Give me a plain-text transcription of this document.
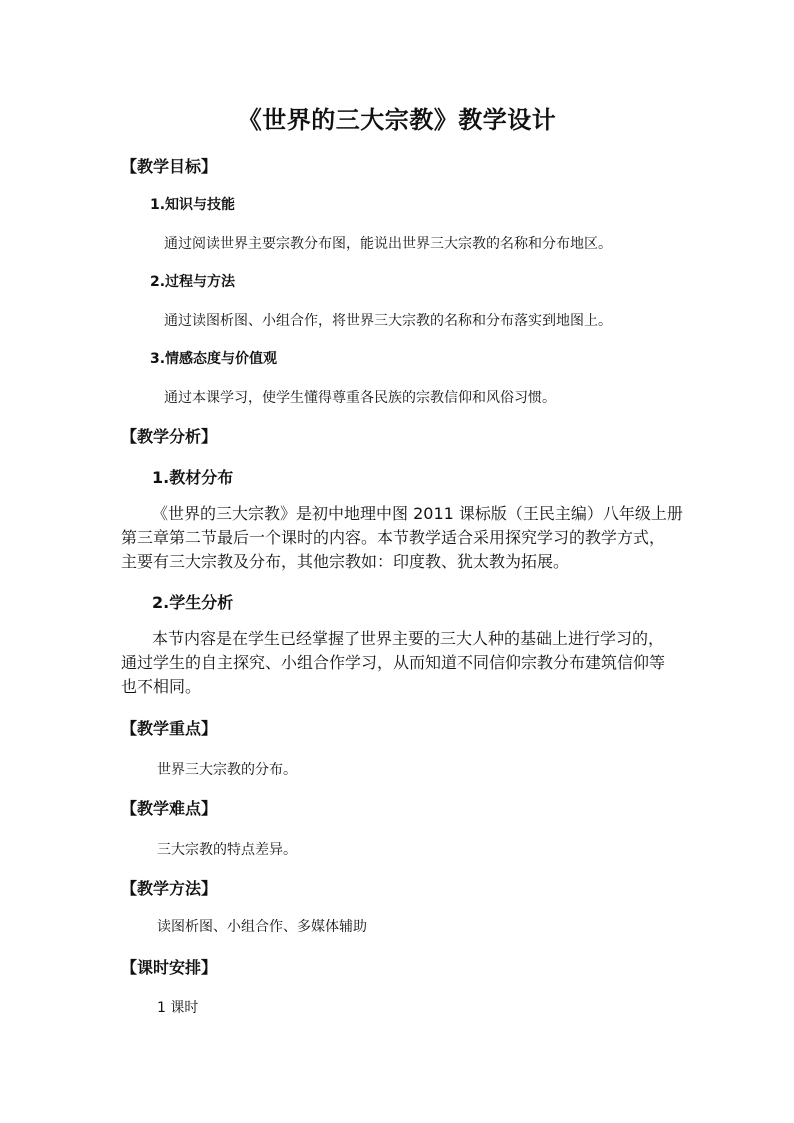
《世界的三大宗教》教学设计
【教学目标】
1.知识与技能
通过阅读世界主要宗教分布图，能说出世界三大宗教的名称和分布地区。
2.过程与方法
通过读图析图、小组合作，将世界三大宗教的名称和分布落实到地图上。
3.情感态度与价值观
通过本课学习，使学生懂得尊重各民族的宗教信仰和风俗习惯。
【教学分析】
1.教材分布

《世界的三大宗教》是初中地理中图 2011 课标版（王民主编）八年级上册

第三章第二节最后一个课时的内容。本节教学适合采用探究学习的教学方式，

主要有三大宗教及分布，其他宗教如：印度教、犹太教为拓展。

2.学生分析

本节内容是在学生已经掌握了世界主要的三大人种的基础上进行学习的，

通过学生的自主探究、小组合作学习，从而知道不同信仰宗教分布建筑信仰等

也不相同。

【教学重点】
世界三大宗教的分布。
【教学难点】
三大宗教的特点差异。
【教学方法】
读图析图、小组合作、多媒体辅助
【课时安排】
1 课时
